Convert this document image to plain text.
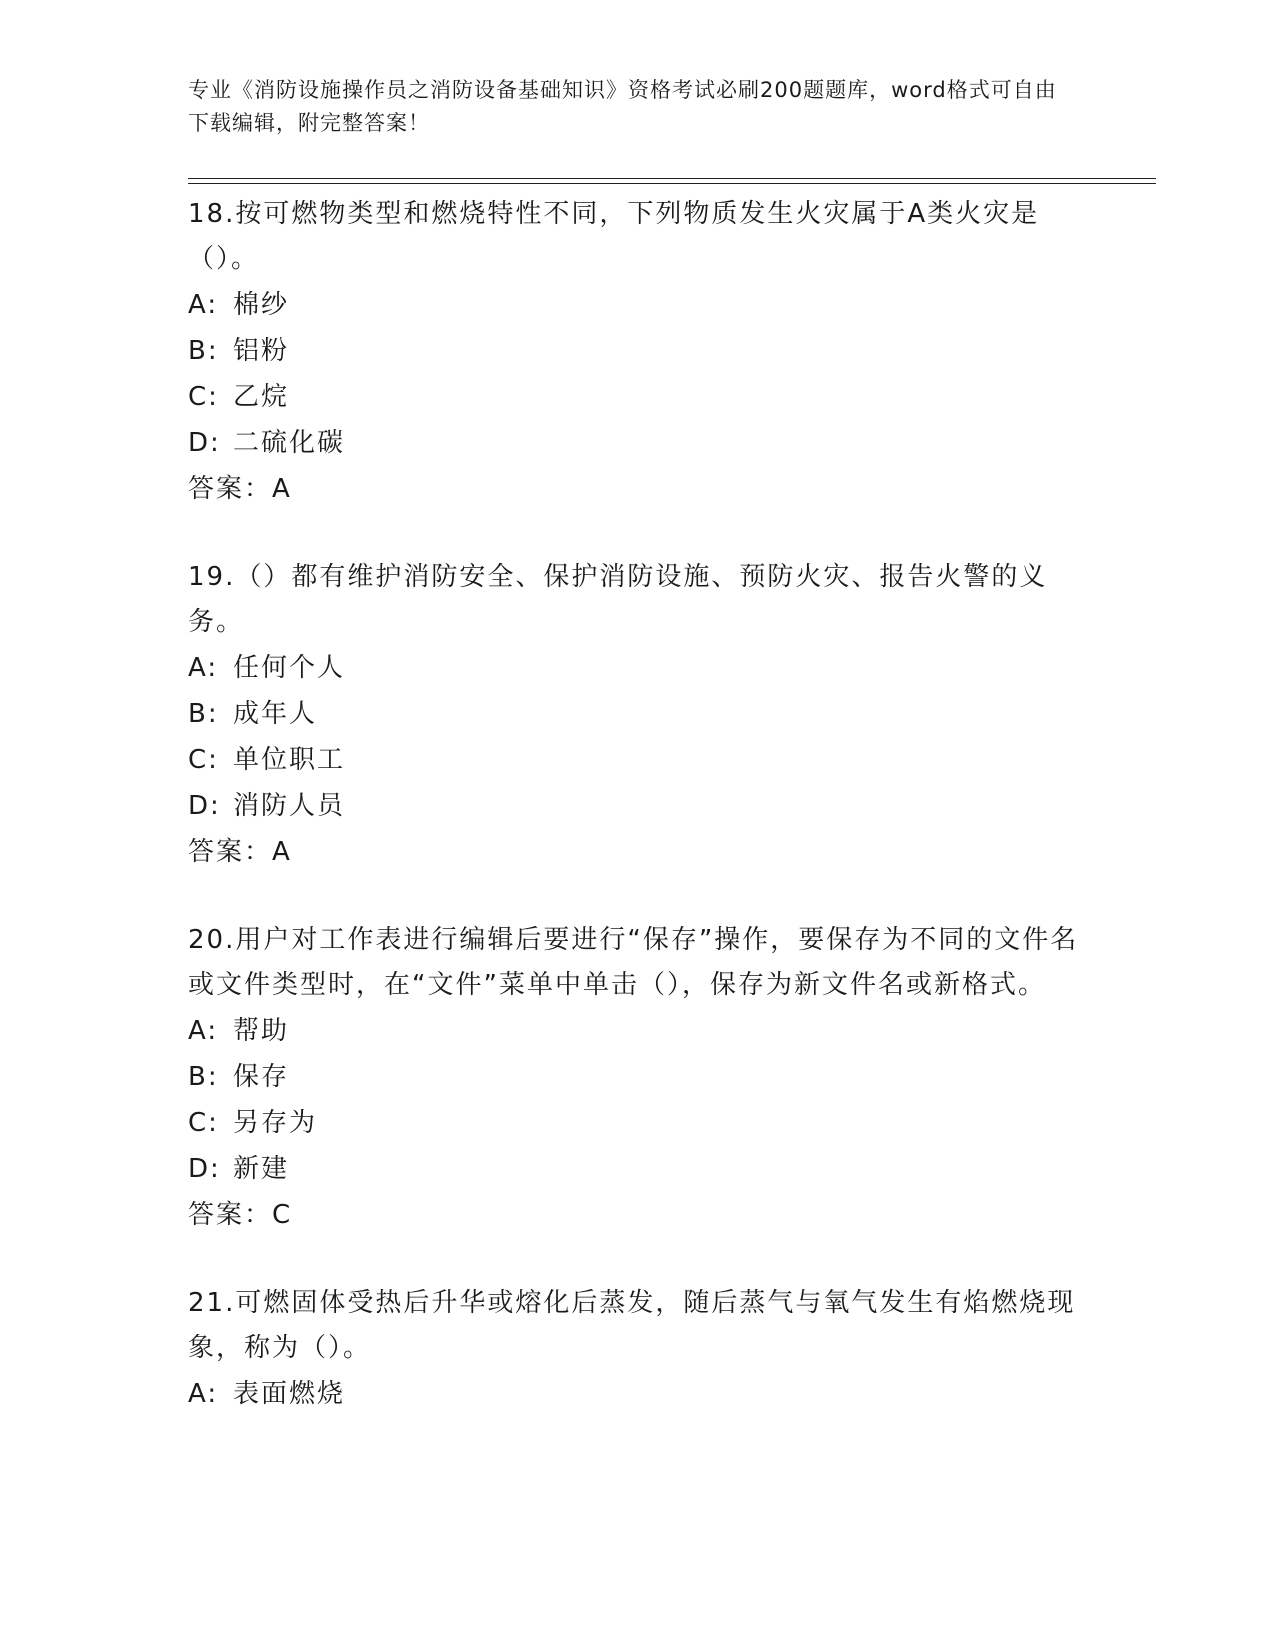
专业《消防设施操作员之消防设备基础知识》资格考试必刷200题题库，word格式可自由下载编辑，附完整答案！

18.按可燃物类型和燃烧特性不同，下列物质发生火灾属于A类火灾是（）。

A: 棉纱
B: 铝粉
C: 乙烷
D: 二硫化碳
答案：A

19.（）都有维护消防安全、保护消防设施、预防火灾、报告火警的义务。

A: 任何个人
B: 成年人
C: 单位职工
D: 消防人员
答案：A

20.用户对工作表进行编辑后要进行“保存”操作，要保存为不同的文件名或文件类型时，在“文件”菜单中单击（），保存为新文件名或新格式。

A: 帮助
B: 保存
C: 另存为
D: 新建
答案：C

21.可燃固体受热后升华或熔化后蒸发，随后蒸气与氧气发生有焰燃烧现象，称为（）。

A: 表面燃烧
